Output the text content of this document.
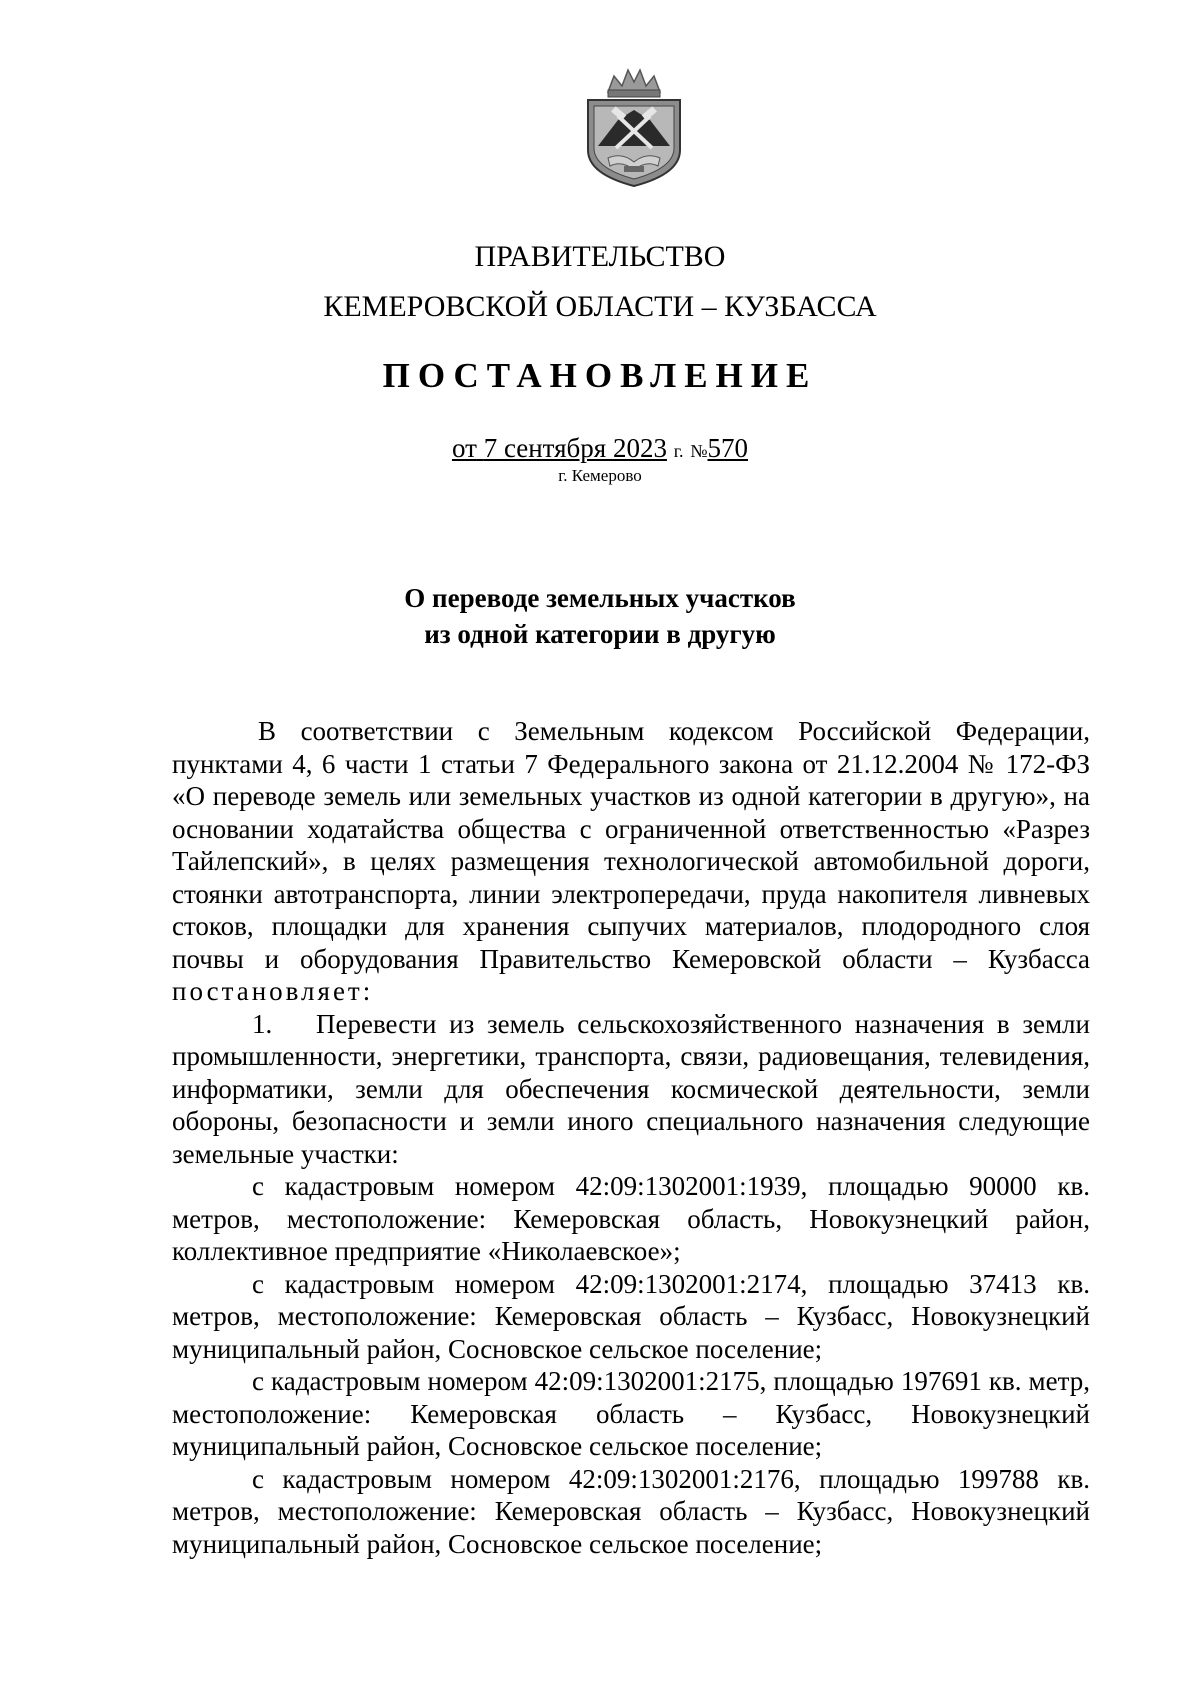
ПРАВИТЕЛЬСТВО
КЕМЕРОВСКОЙ ОБЛАСТИ – КУЗБАССА
ПОСТАНОВЛЕНИЕ
от 7 сентября 2023 г. №570
г. Кемерово
О переводе земельных участков
из одной категории в другую

В соответствии с Земельным кодексом Российской Федерации, пунктами 4, 6 части 1 статьи 7 Федерального закона от 21.12.2004 № 172-ФЗ «О переводе земель или земельных участков из одной категории в другую», на основании ходатайства общества с ограниченной ответственностью «Разрез Тайлепский», в целях размещения технологической автомобильной дороги, стоянки автотранспорта, линии электропередачи, пруда накопителя ливневых стоков, площадки для хранения сыпучих материалов, плодородного слоя почвы и оборудования Правительство Кемеровской области – Кузбасса постановляет:

1. Перевести из земель сельскохозяйственного назначения в земли промышленности, энергетики, транспорта, связи, радиовещания, телевидения, информатики, земли для обеспечения космической деятельности, земли обороны, безопасности и земли иного специального назначения следующие земельные участки:

с кадастровым номером 42:09:1302001:1939, площадью 90000 кв. метров, местоположение: Кемеровская область, Новокузнецкий район, коллективное предприятие «Николаевское»;

с кадастровым номером 42:09:1302001:2174, площадью 37413 кв. метров, местоположение: Кемеровская область – Кузбасс, Новокузнецкий муниципальный район, Сосновское сельское поселение;

с кадастровым номером 42:09:1302001:2175, площадью 197691 кв. метр, местоположение: Кемеровская область – Кузбасс, Новокузнецкий муниципальный район, Сосновское сельское поселение;

с кадастровым номером 42:09:1302001:2176, площадью 199788 кв. метров, местоположение: Кемеровская область – Кузбасс, Новокузнецкий муниципальный район, Сосновское сельское поселение;
